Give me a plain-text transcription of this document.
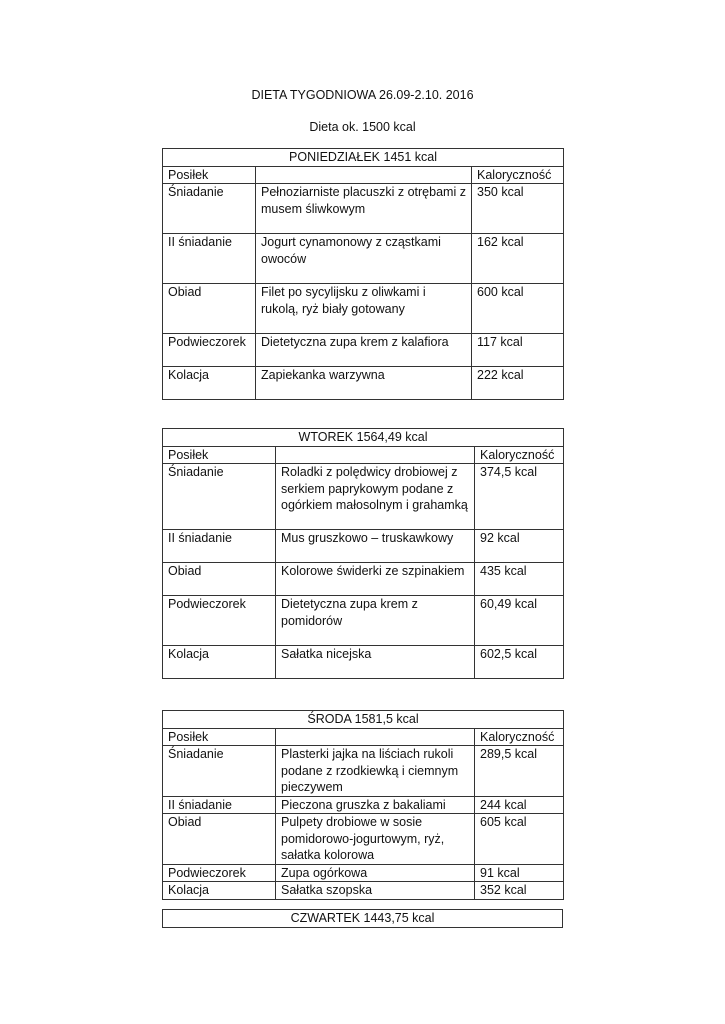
DIETA TYGODNIOWA 26.09-2.10. 2016
Dieta ok. 1500 kcal
PONIEDZIAŁEK 1451 kcal		
Posiłek		Kaloryczność
Śniadanie	Pełnoziarniste placuszki z otrębami z musem śliwkowym	350 kcal
II śniadanie	Jogurt cynamonowy z cząstkami owoców	162 kcal
Obiad	Filet po sycylijsku z oliwkami i rukolą, ryż biały gotowany	600 kcal
Podwieczorek	Dietetyczna zupa krem z kalafiora	117 kcal
Kolacja	Zapiekanka warzywna	222 kcal
WTOREK 1564,49 kcal		
Posiłek		Kaloryczność
Śniadanie	Roladki z polędwicy drobiowej z serkiem paprykowym podane z ogórkiem małosolnym i grahamką	374,5 kcal
II śniadanie	Mus gruszkowo – truskawkowy	92 kcal
Obiad	Kolorowe świderki ze szpinakiem	435 kcal
Podwieczorek	Dietetyczna zupa krem z pomidorów	60,49 kcal
Kolacja	Sałatka nicejska	602,5 kcal
ŚRODA 1581,5 kcal		
Posiłek		Kaloryczność
Śniadanie	Plasterki jajka na liściach rukoli podane z rzodkiewką i ciemnym pieczywem	289,5 kcal
II śniadanie	Pieczona gruszka z bakaliami	244 kcal
Obiad	Pulpety drobiowe w sosie pomidorowo-jogurtowym, ryż, sałatka kolorowa	605 kcal
Podwieczorek	Zupa ogórkowa	91 kcal
Kolacja	Sałatka szopska	352 kcal
CZWARTEK 1443,75 kcal
